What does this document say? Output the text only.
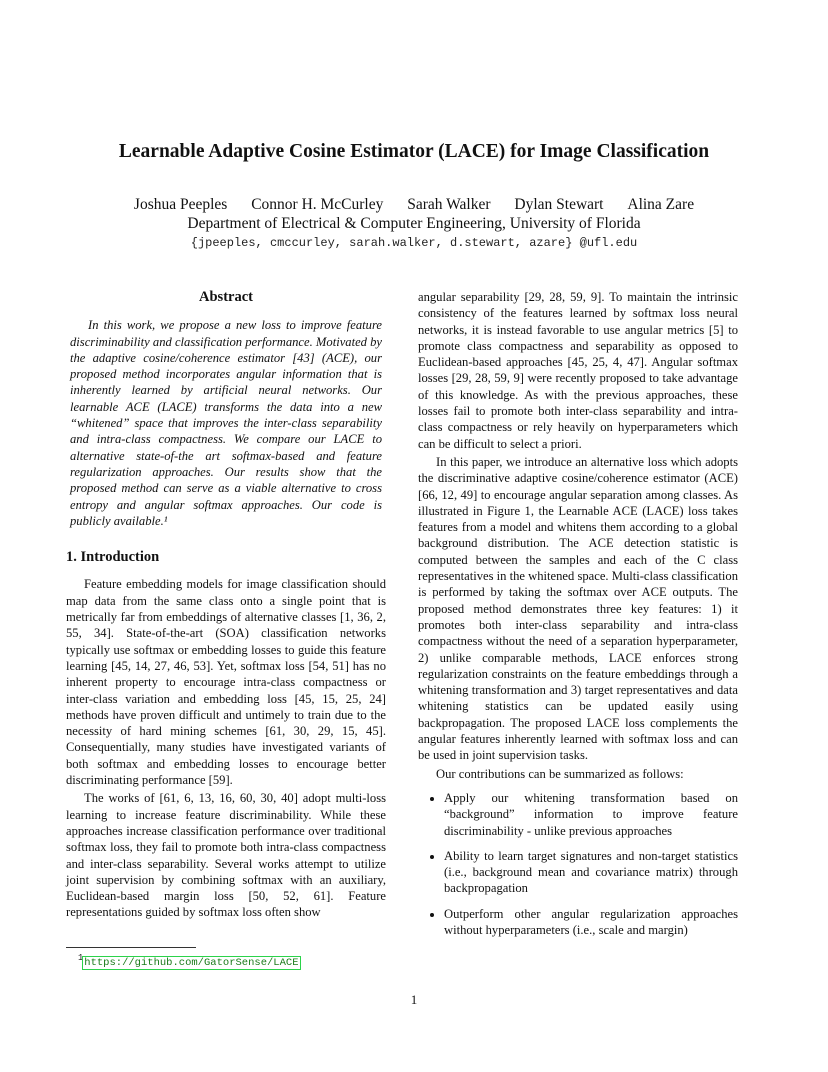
Learnable Adaptive Cosine Estimator (LACE) for Image Classification
Joshua Peeples Connor H. McCurley Sarah Walker Dylan Stewart Alina Zare
Department of Electrical & Computer Engineering, University of Florida
{jpeeples, cmccurley, sarah.walker, d.stewart, azare} @ufl.edu
Abstract

In this work, we propose a new loss to improve feature discriminability and classification performance. Motivated by the adaptive cosine/coherence estimator [43] (ACE), our proposed method incorporates angular information that is inherently learned by artificial neural networks. Our learnable ACE (LACE) transforms the data into a new “whitened” space that improves the inter-class separability and intra-class compactness. We compare our LACE to alternative state-of-the art softmax-based and feature regularization approaches. Our results show that the proposed method can serve as a viable alternative to cross entropy and angular softmax approaches. Our code is publicly available.¹

1. Introduction

Feature embedding models for image classification should map data from the same class onto a single point that is metrically far from embeddings of alternative classes [1, 36, 2, 55, 34]. State-of-the-art (SOA) classification networks typically use softmax or embedding losses to guide this feature learning [45, 14, 27, 46, 53]. Yet, softmax loss [54, 51] has no inherent property to encourage intra-class compactness or inter-class variation and embedding loss [45, 15, 25, 24] methods have proven difficult and untimely to train due to the necessity of hard mining schemes [61, 30, 29, 15, 45]. Consequentially, many studies have investigated variants of both softmax and embedding losses to encourage better discriminating performance [59].

The works of [61, 6, 13, 16, 60, 30, 40] adopt multi-loss learning to increase feature discriminability. While these approaches increase classification performance over traditional softmax loss, they fail to promote both intra-class compactness and inter-class separability. Several works attempt to utilize joint supervision by combining softmax with an auxiliary, Euclidean-based margin loss [50, 52, 61]. Feature representations guided by softmax loss often show

angular separability [29, 28, 59, 9]. To maintain the intrinsic consistency of the features learned by softmax loss neural networks, it is instead favorable to use angular metrics [5] to promote class compactness and separability as opposed to Euclidean-based approaches [45, 25, 4, 47]. Angular softmax losses [29, 28, 59, 9] were recently proposed to take advantage of this knowledge. As with the previous approaches, these losses fail to promote both inter-class separability and intra-class compactness or rely heavily on hyperparameters which can be difficult to select a priori.

In this paper, we introduce an alternative loss which adopts the discriminative adaptive cosine/coherence estimator (ACE) [66, 12, 49] to encourage angular separation among classes. As illustrated in Figure 1, the Learnable ACE (LACE) loss takes features from a model and whitens them according to a global background distribution. The ACE detection statistic is computed between the samples and each of the C class representatives in the whitened space. Multi-class classification is performed by taking the softmax over ACE outputs. The proposed method demonstrates three key features: 1) it promotes both inter-class separability and intra-class compactness without the need of a separation hyperparameter, 2) unlike comparable methods, LACE enforces strong regularization constraints on the feature embeddings through a whitening transformation and 3) target representatives and data whitening statistics can be updated easily using backpropagation. The proposed LACE loss complements the angular features inherently learned with softmax loss and can be used in joint supervision tasks.

Our contributions can be summarized as follows:

• Apply our whitening transformation based on “background” information to improve feature discriminability - unlike previous approaches
• Ability to learn target signatures and non-target statistics (i.e., background mean and covariance matrix) through backpropagation
• Outperform other angular regularization approaches without hyperparameters (i.e., scale and margin)
$^1$https://github.com/GatorSense/LACE
1
